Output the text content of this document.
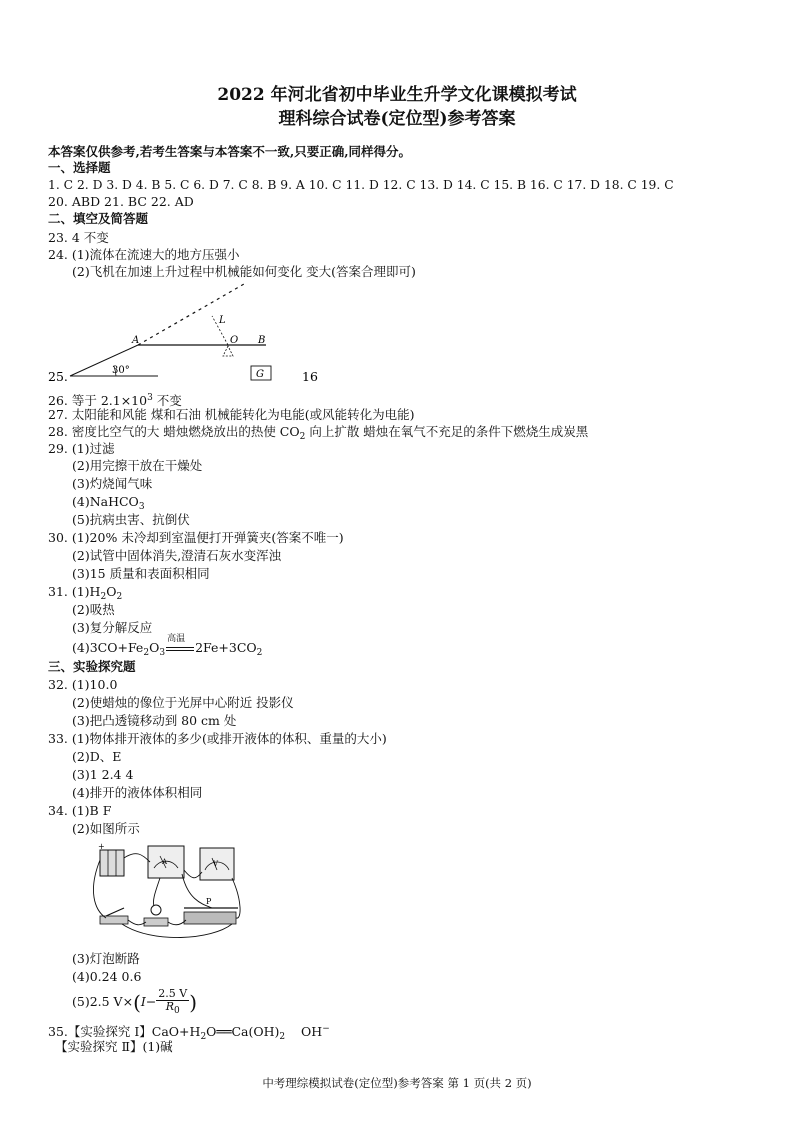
2022 年河北省初中毕业生升学文化课模拟考试
理科综合试卷(定位型)参考答案
本答案仅供参考,若考生答案与本答案不一致,只要正确,同样得分。
一、选择题
1. C 2. D 3. D 4. B 5. C 6. D 7. C 8. B 9. A 10. C 11. D 12. C 13. D 14. C 15. B 16. C 17. D 18. C 19. C
20. ABD 21. BC 22. AD
二、填空及简答题
23. 4 不变
24. (1)流体在流速大的地方压强小
(2)飞机在加速上升过程中机械能如何变化 变大(答案合理即可)
25.	30°
A	O B
L
G	16
26. 等于 $2.1\times 10^3$ 不变
27. 太阳能和风能 煤和石油 机械能转化为电能(或风能转化为电能)
28. 密度比空气的大 蜡烛燃烧放出的热使 $CO_2$ 向上扩散 蜡烛在氧气不充足的条件下燃烧生成炭黑
29. (1)过滤
(2)用完擦干放在干燥处
(3)灼烧闻气味
(4)NaHCO$_3$
(5)抗病虫害、抗倒伏
30. (1)20% 未冷却到室温便打开弹簧夹(答案不唯一)
(2)试管中固体消失,澄清石灰水变浑浊
(3)15 质量和表面积相同
31. $(1)H_2O_2$
(2)吸热
(3)复分解反应
$(4)3CO+Fe_2O_3$
高温
$2Fe+3CO_2$
三、实验探究题
32. (1)10.0
(2)使蜡烛的像位于光屏中心附近 投影仪
(3)把凸透镜移动到 80 cm 处
33. (1)物体排开液体的多少(或排开液体的体积、重量的大小)
(2)D、E
(3)1 2.4 4
(4)排开的液体体积相同
34. (1)B F
(2)如图所示
+
A	V
P
(3)灯泡断路
(4)0.24 0.6
(5)2.5 $V\times(I- \frac{2.5 V}{R_0}$ )
35.【实验探究 Ⅰ】$CaO+H_2O══Ca(OH)_2$ OH−
【实验探究 Ⅱ】(1)碱
中考理综模拟试卷(定位型)参考答案 第 1 页(共 2 页)
